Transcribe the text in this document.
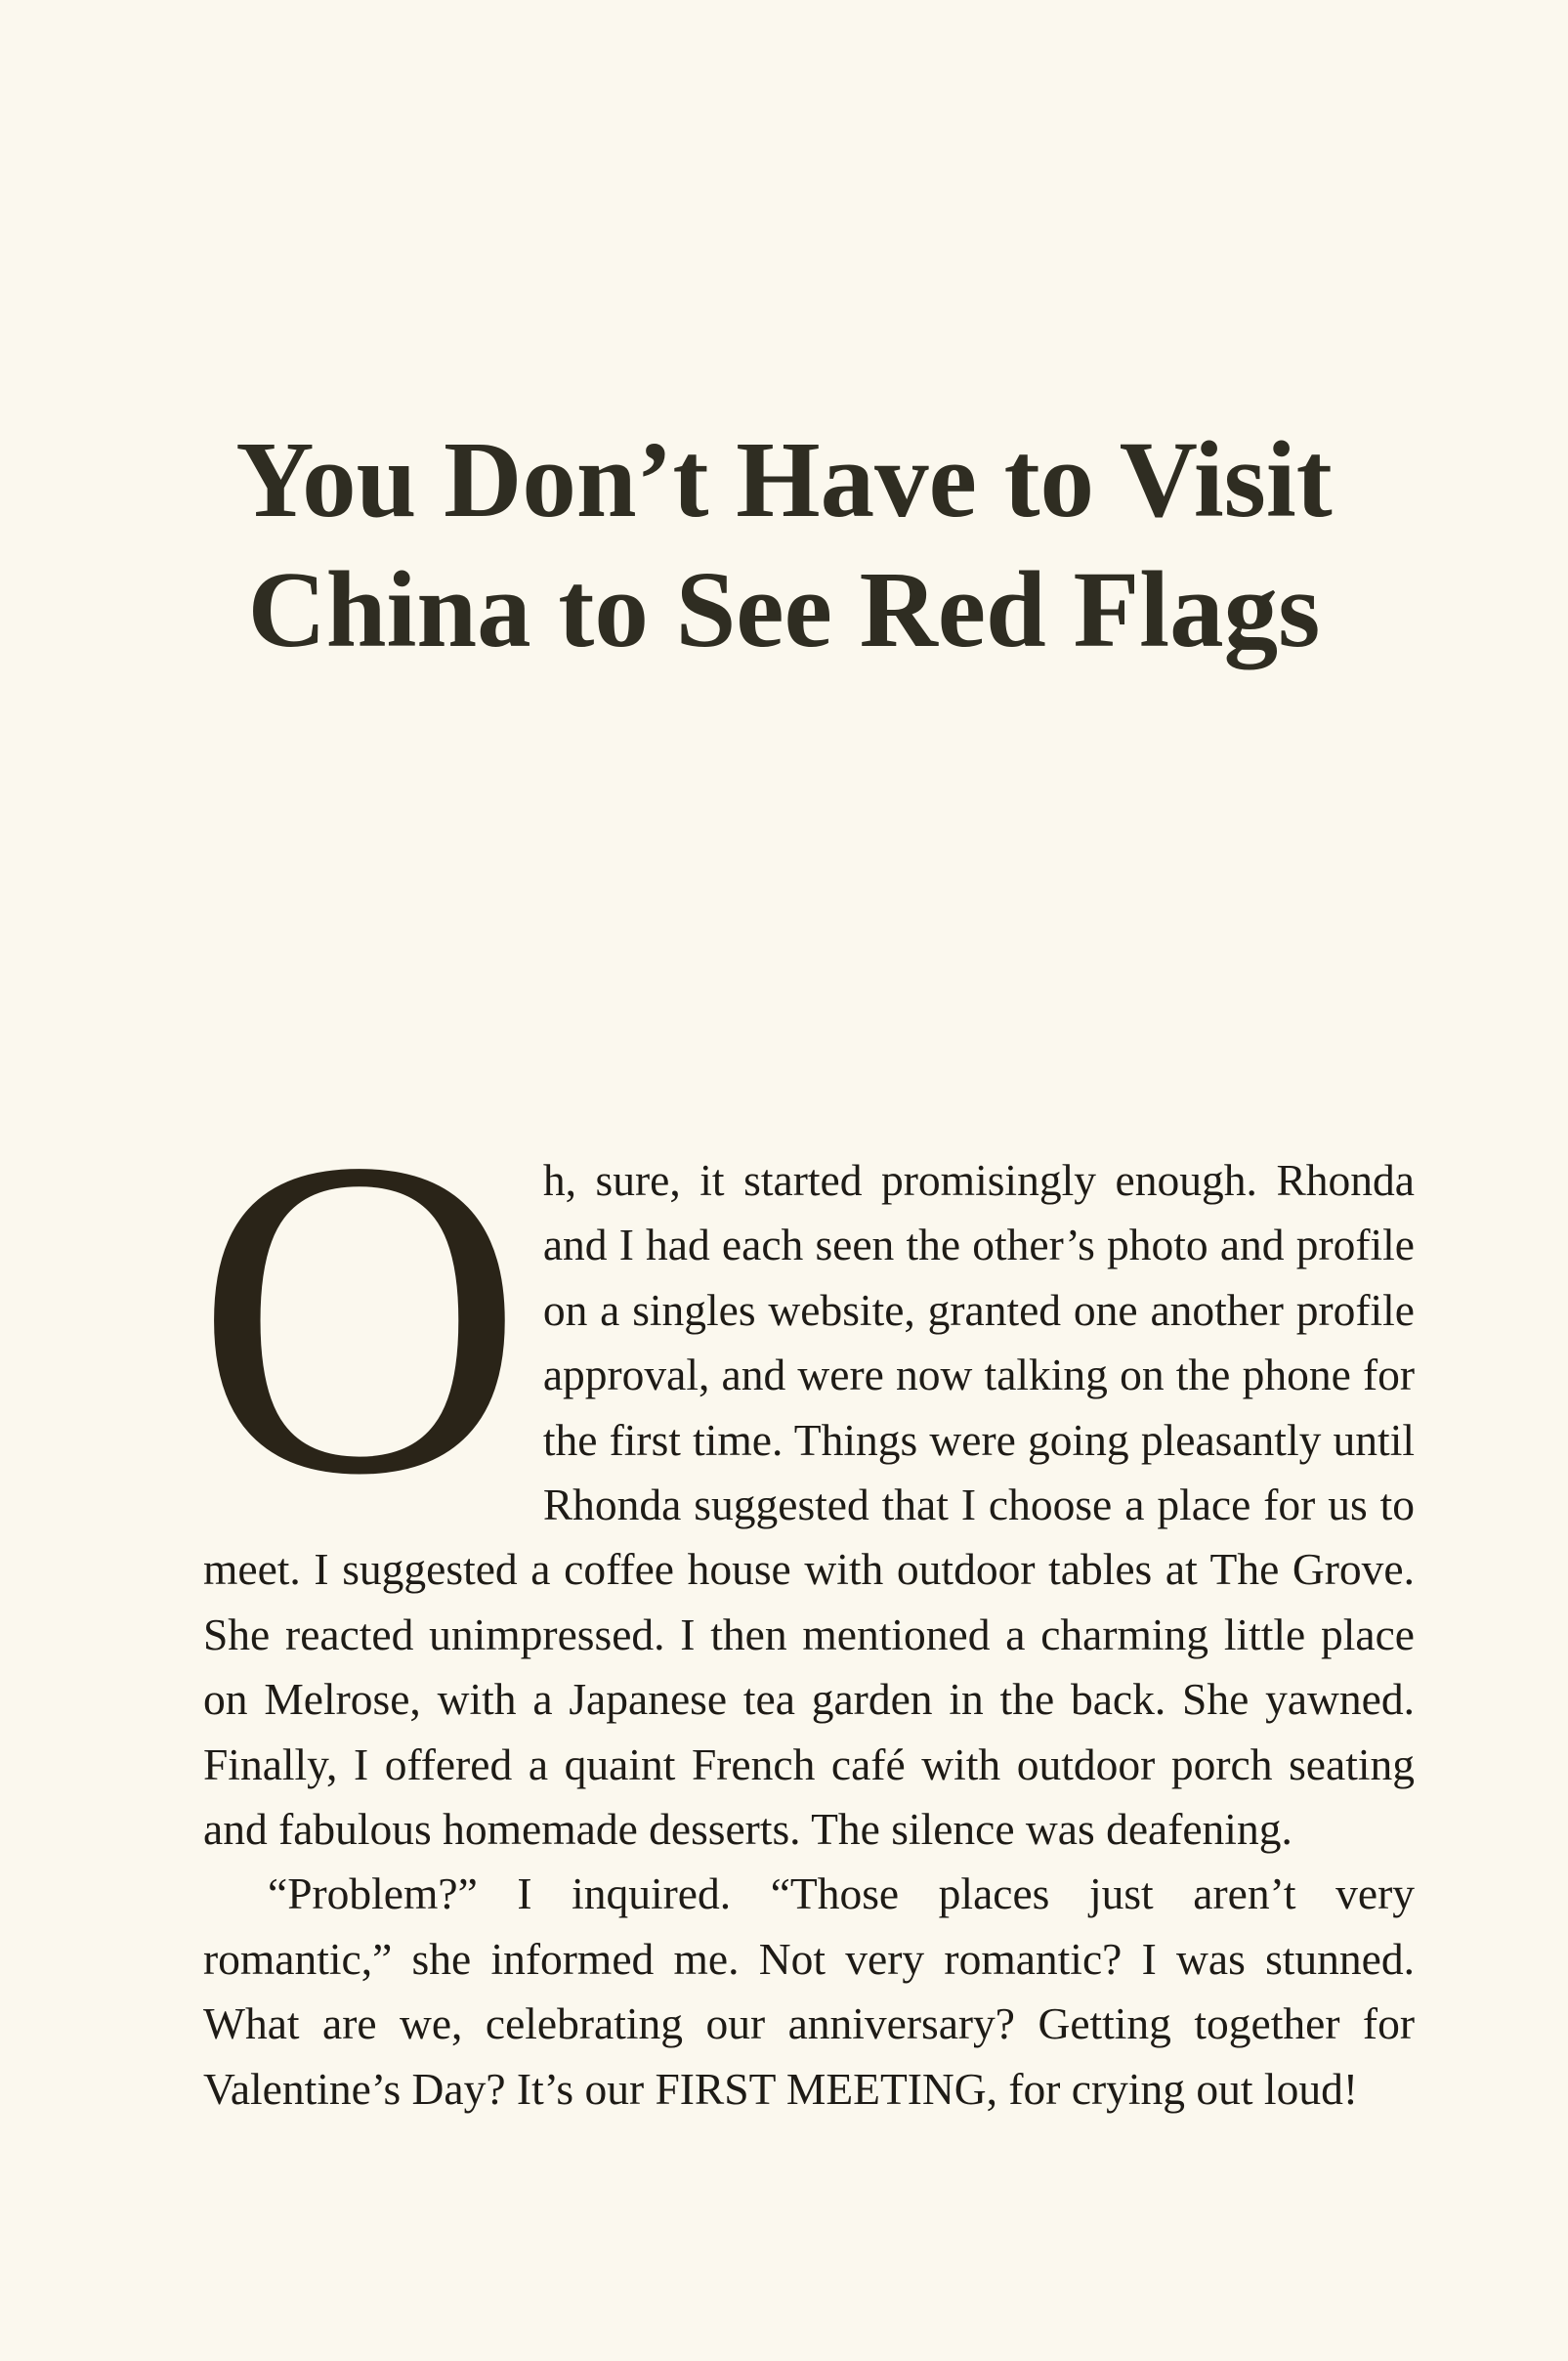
You Don’t Have to Visit
China to See Red Flags

Oh, sure, it started promisingly enough. Rhonda and I had each seen the other’s photo and profile on a singles website, granted one another profile approval, and were now talking on the phone for the first time. Things were going pleasantly until Rhonda suggested that I choose a place for us to meet. I suggested a coffee house with outdoor tables at The Grove. She reacted unimpressed. I then mentioned a charming little place on Melrose, with a Japanese tea garden in the back. She yawned. Finally, I offered a quaint French café with outdoor porch seating and fabulous homemade desserts. The silence was deafening.

“Problem?” I inquired. “Those places just aren’t very romantic,” she informed me. Not very romantic? I was stunned. What are we, celebrating our anniversary? Getting together for Valentine’s Day? It’s our FIRST MEETING, for crying out loud!
